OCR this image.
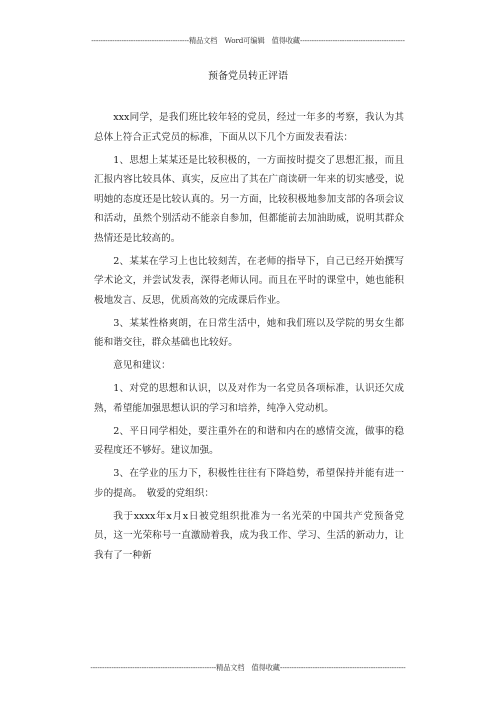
------------------------------------------精品文档　Word可编辑　值得收藏---------------------------------------------
预备党员转正评语

xxx同学，是我们班比较年轻的党员，经过一年多的考察，我认为其总体上符合正式党员的标准，下面从以下几个方面发表看法：

1、思想上某某还是比较积极的，一方面按时提交了思想汇报，而且汇报内容比较具体、真实，反应出了其在广商读研一年来的切实感受，说明她的态度还是比较认真的。另一方面，比较积极地参加支部的各项会议和活动，虽然个别活动不能亲自参加，但都能前去加油助威，说明其群众热情还是比较高的。

2、某某在学习上也比较刻苦，在老师的指导下，自己已经开始撰写学术论文，并尝试发表，深得老师认同。而且在平时的课堂中，她也能积极地发言、反思，优质高效的完成课后作业。

3、某某性格爽朗，在日常生活中，她和我们班以及学院的男女生都能和谐交往，群众基础也比较好。

意见和建议：

1、对党的思想和认识，以及对作为一名党员各项标准，认识还欠成熟，希望能加强思想认识的学习和培养，纯净入党动机。

2、平日同学相处，要注重外在的和谐和内在的感情交流，做事的稳妥程度还不够好。建议加强。

3、在学业的压力下，积极性往往有下降趋势，希望保持并能有进一步的提高。　敬爱的党组织：

我于xxxx年x月x日被党组织批准为一名光荣的中国共产党预备党员，这一光荣称号一直激励着我，成为我工作、学习、生活的新动力，让我有了一种新

------------------------------------------------------精品文档　值得收藏------------------------------------------------------
